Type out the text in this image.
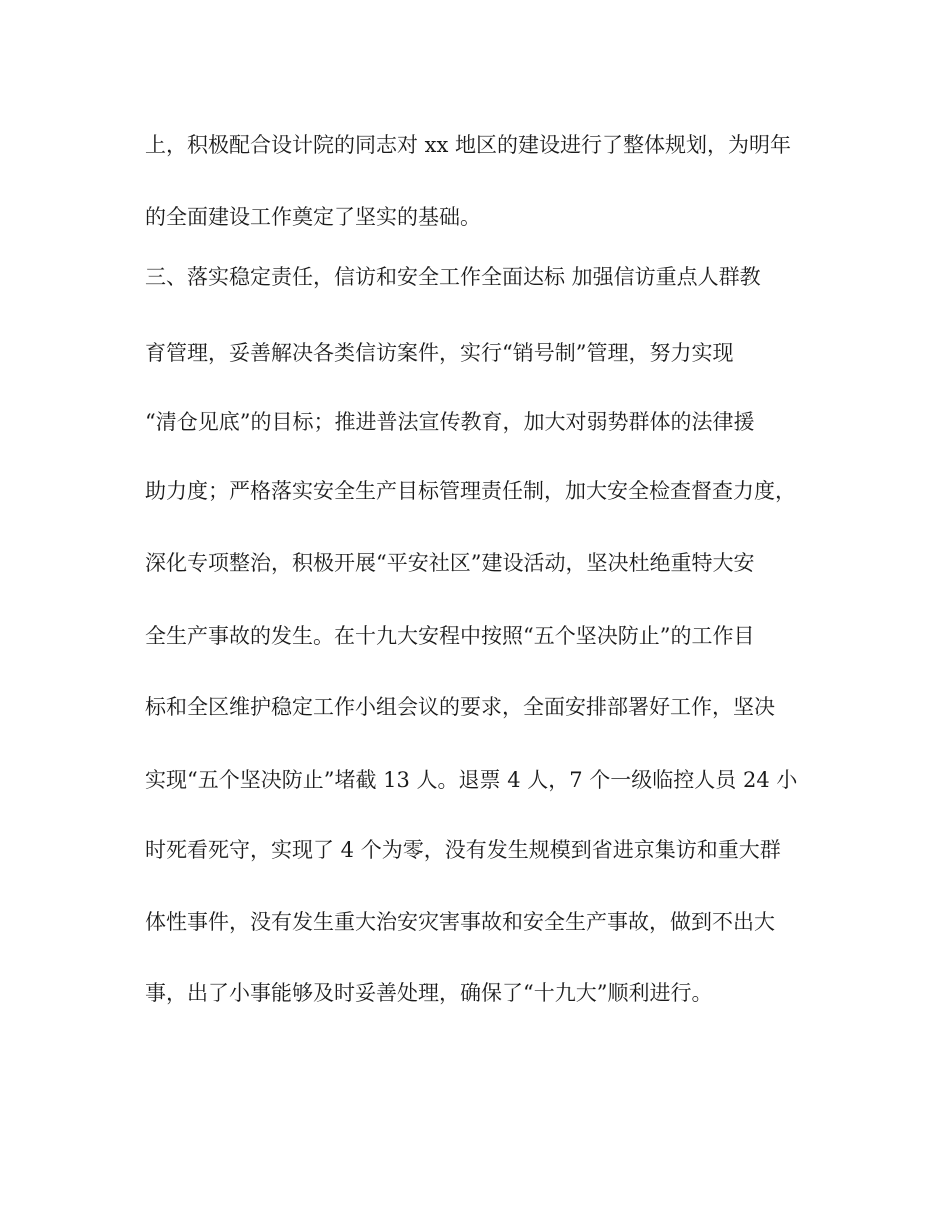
上，积极配合设计院的同志对 xx 地区的建设进行了整体规划，为明年
的全面建设工作奠定了坚实的基础。
三、落实稳定责任，信访和安全工作全面达标 加强信访重点人群教
育管理，妥善解决各类信访案件，实行“销号制”管理，努力实现
“清仓见底”的目标；推进普法宣传教育，加大对弱势群体的法律援
助力度；严格落实安全生产目标管理责任制，加大安全检查督查力度，
深化专项整治，积极开展“平安社区”建设活动，坚决杜绝重特大安
全生产事故的发生。在十九大安程中按照“五个坚决防止”的工作目
标和全区维护稳定工作小组会议的要求，全面安排部署好工作，坚决
实现“五个坚决防止”堵截 13 人。退票 4 人，7 个一级临控人员 24 小
时死看死守，实现了 4 个为零，没有发生规模到省进京集访和重大群
体性事件，没有发生重大治安灾害事故和安全生产事故，做到不出大
事，出了小事能够及时妥善处理，确保了“十九大”顺利进行。
